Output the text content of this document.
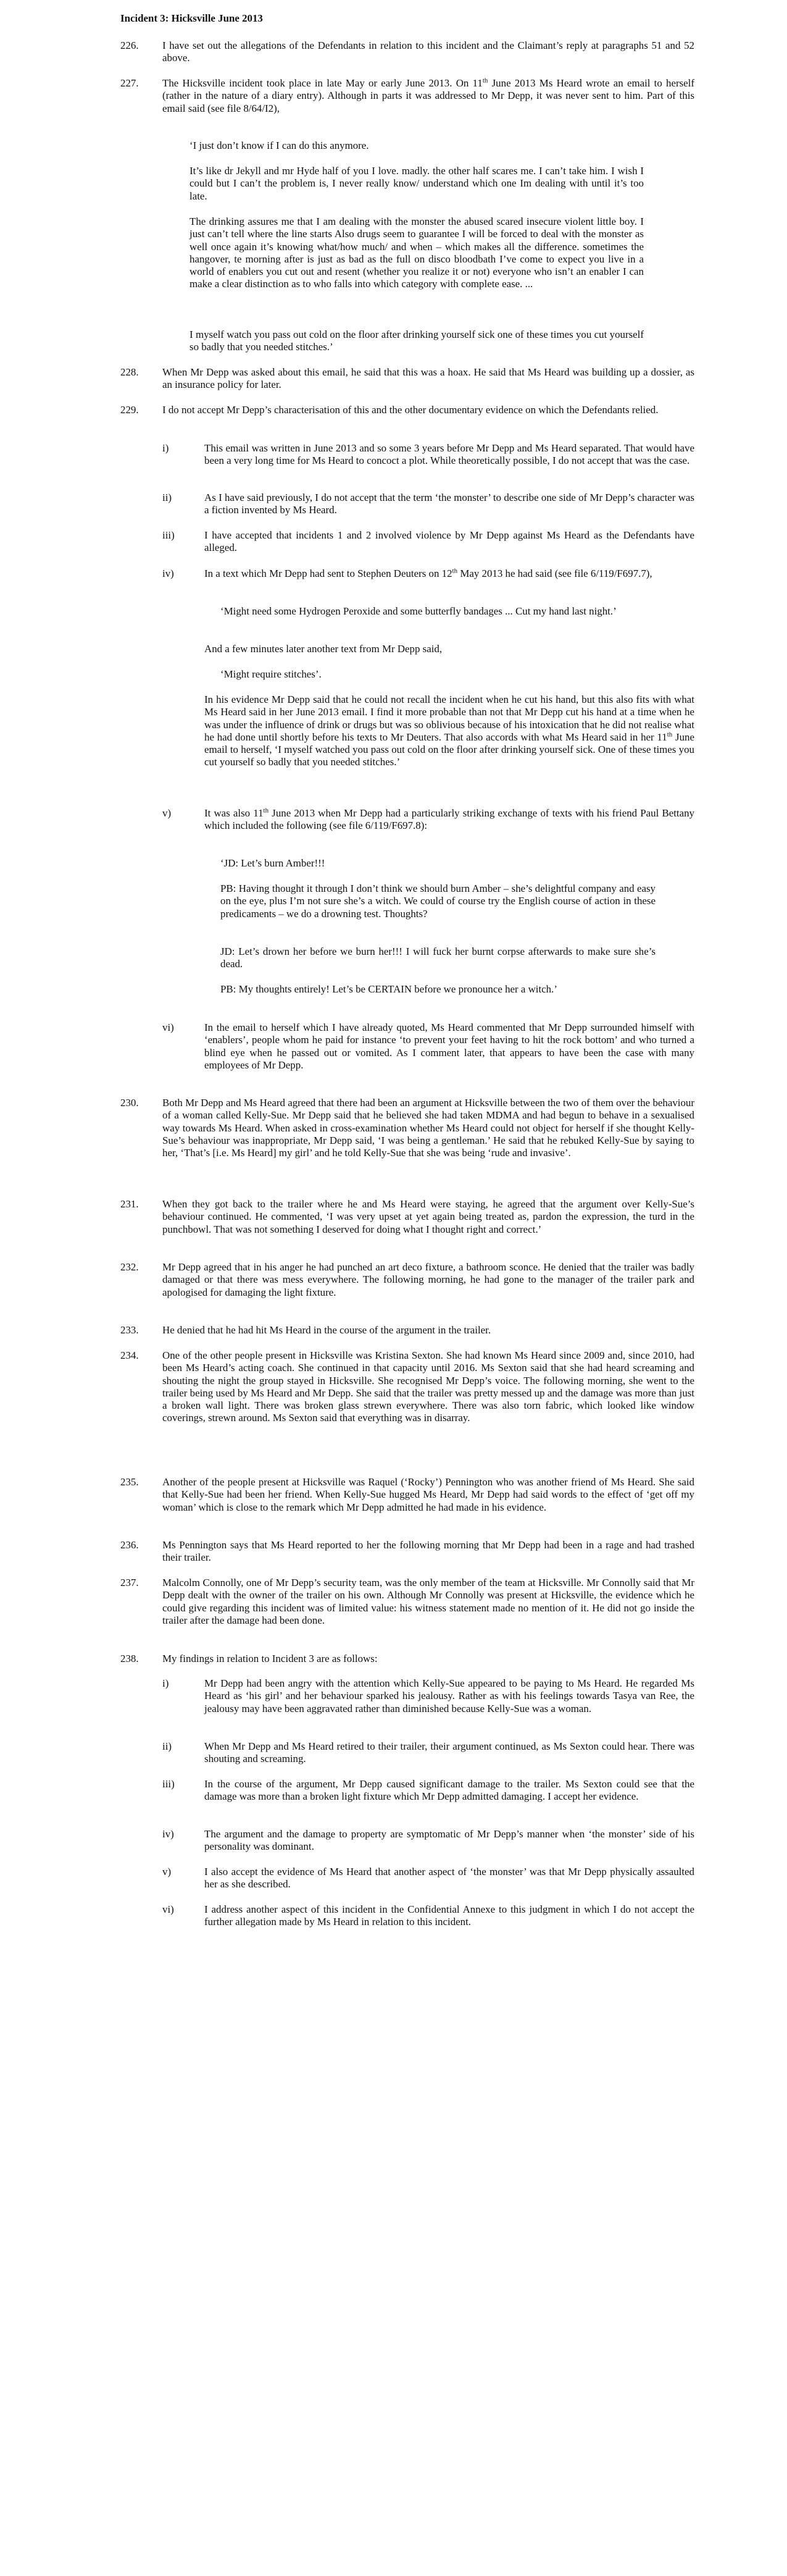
Incident 3: Hicksville June 2013
226. I have set out the allegations of the Defendants in relation to this incident and the Claimant’s reply at paragraphs 51 and 52 above.
227. The Hicksville incident took place in late May or early June 2013. On 11th June 2013 Ms Heard wrote an email to herself (rather in the nature of a diary entry). Although in parts it was addressed to Mr Depp, it was never sent to him. Part of this email said (see file 8/64/I2),
‘I just don’t know if I can do this anymore.
It’s like dr Jekyll and mr Hyde half of you I love. madly. the other half scares me. I can’t take him. I wish I could but I can’t the problem is, I never really know/ understand which one Im dealing with until it’s too late.
The drinking assures me that I am dealing with the monster the abused scared insecure violent little boy. I just can’t tell where the line starts Also drugs seem to guarantee I will be forced to deal with the monster as well once again it’s knowing what/how much/ and when – which makes all the difference. sometimes the hangover, te morning after is just as bad as the full on disco bloodbath I’ve come to expect you live in a world of enablers you cut out and resent (whether you realize it or not) everyone who isn’t an enabler I can make a clear distinction as to who falls into which category with complete ease. ...
I myself watch you pass out cold on the floor after drinking yourself sick one of these times you cut yourself so badly that you needed stitches.’
228. When Mr Depp was asked about this email, he said that this was a hoax. He said that Ms Heard was building up a dossier, as an insurance policy for later.
229. I do not accept Mr Depp’s characterisation of this and the other documentary evidence on which the Defendants relied.
i)	This email was written in June 2013 and so some 3 years before Mr Depp and Ms Heard separated. That would have been a very long time for Ms Heard to concoct a plot. While theoretically possible, I do not accept that was the case.
ii)	As I have said previously, I do not accept that the term ‘the monster’ to describe one side of Mr Depp’s character was a fiction invented by Ms Heard.
iii)	I have accepted that incidents 1 and 2 involved violence by Mr Depp against Ms Heard as the Defendants have alleged.
iv)	In a text which Mr Depp had sent to Stephen Deuters on 12th May 2013 he had said (see file 6/119/F697.7),
‘Might need some Hydrogen Peroxide and some butterfly bandages ... Cut my hand last night.’
And a few minutes later another text from Mr Depp said,
‘Might require stitches’.
In his evidence Mr Depp said that he could not recall the incident when he cut his hand, but this also fits with what Ms Heard said in her June 2013 email. I find it more probable than not that Mr Depp cut his hand at a time when he was under the influence of drink or drugs but was so oblivious because of his intoxication that he did not realise what he had done until shortly before his texts to Mr Deuters. That also accords with what Ms Heard said in her 11th June email to herself, ‘I myself watched you pass out cold on the floor after drinking yourself sick. One of these times you cut yourself so badly that you needed stitches.’
v)	It was also 11th June 2013 when Mr Depp had a particularly striking exchange of texts with his friend Paul Bettany which included the following (see file 6/119/F697.8):
‘JD: Let’s burn Amber!!!
PB: Having thought it through I don’t think we should burn Amber – she’s delightful company and easy on the eye, plus I’m not sure she’s a witch. We could of course try the English course of action in these predicaments – we do a drowning test. Thoughts?
JD: Let’s drown her before we burn her!!! I will fuck her burnt corpse afterwards to make sure she’s dead.
PB: My thoughts entirely! Let’s be CERTAIN before we pronounce her a witch.’
vi)	In the email to herself which I have already quoted, Ms Heard commented that Mr Depp surrounded himself with ‘enablers’, people whom he paid for instance ‘to prevent your feet having to hit the rock bottom’ and who turned a blind eye when he passed out or vomited. As I comment later, that appears to have been the case with many employees of Mr Depp.
230. Both Mr Depp and Ms Heard agreed that there had been an argument at Hicksville between the two of them over the behaviour of a woman called Kelly-Sue. Mr Depp said that he believed she had taken MDMA and had begun to behave in a sexualised way towards Ms Heard. When asked in cross-examination whether Ms Heard could not object for herself if she thought Kelly-Sue’s behaviour was inappropriate, Mr Depp said, ‘I was being a gentleman.’ He said that he rebuked Kelly-Sue by saying to her, ‘That’s [i.e. Ms Heard] my girl’ and he told Kelly-Sue that she was being ‘rude and invasive’.
231. When they got back to the trailer where he and Ms Heard were staying, he agreed that the argument over Kelly-Sue’s behaviour continued. He commented, ‘I was very upset at yet again being treated as, pardon the expression, the turd in the punchbowl. That was not something I deserved for doing what I thought right and correct.’
232. Mr Depp agreed that in his anger he had punched an art deco fixture, a bathroom sconce. He denied that the trailer was badly damaged or that there was mess everywhere. The following morning, he had gone to the manager of the trailer park and apologised for damaging the light fixture.
233. He denied that he had hit Ms Heard in the course of the argument in the trailer.
234. One of the other people present in Hicksville was Kristina Sexton. She had known Ms Heard since 2009 and, since 2010, had been Ms Heard’s acting coach. She continued in that capacity until 2016. Ms Sexton said that she had heard screaming and shouting the night the group stayed in Hicksville. She recognised Mr Depp’s voice. The following morning, she went to the trailer being used by Ms Heard and Mr Depp. She said that the trailer was pretty messed up and the damage was more than just a broken wall light. There was broken glass strewn everywhere. There was also torn fabric, which looked like window coverings, strewn around. Ms Sexton said that everything was in disarray.
235. Another of the people present at Hicksville was Raquel (‘Rocky’) Pennington who was another friend of Ms Heard. She said that Kelly-Sue had been her friend. When Kelly-Sue hugged Ms Heard, Mr Depp had said words to the effect of ‘get off my woman’ which is close to the remark which Mr Depp admitted he had made in his evidence.
236. Ms Pennington says that Ms Heard reported to her the following morning that Mr Depp had been in a rage and had trashed their trailer.
237. Malcolm Connolly, one of Mr Depp’s security team, was the only member of the team at Hicksville. Mr Connolly said that Mr Depp dealt with the owner of the trailer on his own. Although Mr Connolly was present at Hicksville, the evidence which he could give regarding this incident was of limited value: his witness statement made no mention of it. He did not go inside the trailer after the damage had been done.
238. My findings in relation to Incident 3 are as follows:
i)	Mr Depp had been angry with the attention which Kelly-Sue appeared to be paying to Ms Heard. He regarded Ms Heard as ‘his girl’ and her behaviour sparked his jealousy. Rather as with his feelings towards Tasya van Ree, the jealousy may have been aggravated rather than diminished because Kelly-Sue was a woman.
ii)	When Mr Depp and Ms Heard retired to their trailer, their argument continued, as Ms Sexton could hear. There was shouting and screaming.
iii)	In the course of the argument, Mr Depp caused significant damage to the trailer. Ms Sexton could see that the damage was more than a broken light fixture which Mr Depp admitted damaging. I accept her evidence.
iv)	The argument and the damage to property are symptomatic of Mr Depp’s manner when ‘the monster’ side of his personality was dominant.
v)	I also accept the evidence of Ms Heard that another aspect of ‘the monster’ was that Mr Depp physically assaulted her as she described.
vi)	I address another aspect of this incident in the Confidential Annexe to this judgment in which I do not accept the further allegation made by Ms Heard in relation to this incident.
